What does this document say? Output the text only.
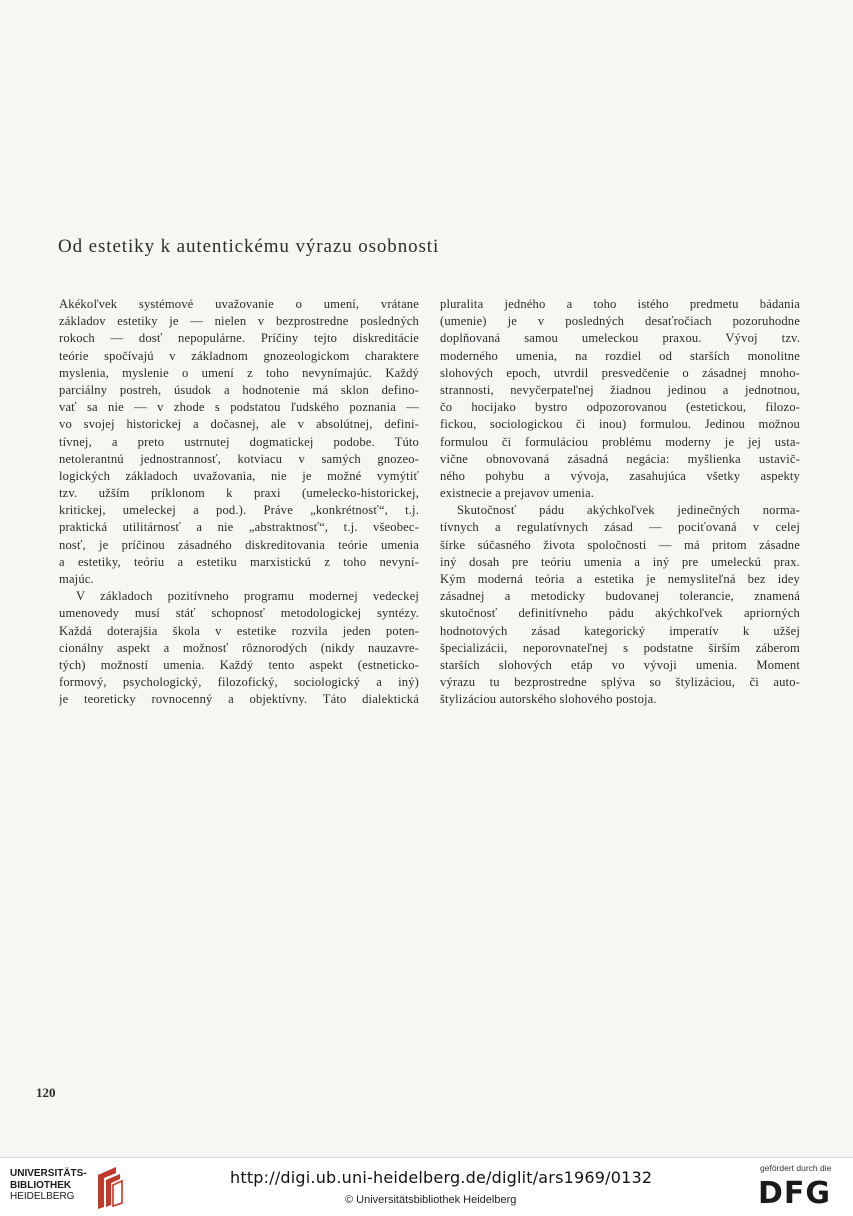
Od estetiky k autentickému výrazu osobnosti
Akékoľvek systémové uvažovanie o umení, vrátane
základov estetiky je — nielen v bezprostredne posledných
rokoch — dosť nepopulárne. Príčiny tejto diskreditácie
teórie spočívajú v základnom gnozeologickom charaktere
myslenia, myslenie o umení z toho nevynímajúc. Každý
parciálny postreh, úsudok a hodnotenie má sklon defino-
vať sa nie — v zhode s podstatou ľudského poznania —
vo svojej historickej a dočasnej, ale v absolútnej, defini-
tívnej, a preto ustrnutej dogmatickej podobe. Túto
netolerantnú jednostrannosť, kotviacu v samých gnozeo-
logických základoch uvažovania, nie je možné vymýtiť
tzv. užším príklonom k praxi (umelecko-historickej,
kritickej, umeleckej a pod.). Práve „konkrétnosť“, t.j.
praktická utilitárnosť a nie „abstraktnosť“, t.j. všeobec-
nosť, je príčinou zásadného diskreditovania teórie umenia
a estetiky, teóriu a estetiku marxistickú z toho nevyní-
majúc.
V základoch pozitívneho programu modernej vedeckej
umenovedy musí stáť schopnosť metodologickej syntézy.
Každá doterajšia škola v estetike rozvila jeden poten-
cionálny aspekt a možnosť rôznorodých (nikdy nauzavre-
tých) možností umenia. Každý tento aspekt (estneticko-
formový, psychologický, filozofický, sociologický a iný)
je teoreticky rovnocenný a objektívny. Táto dialektická
pluralita jedného a toho istého predmetu bádania
(umenie) je v posledných desaťročiach pozoruhodne
doplňovaná samou umeleckou praxou. Vývoj tzv.
moderného umenia, na rozdiel od starších monolitne
slohových epoch, utvrdil presvedčenie o zásadnej mnoho-
strannosti, nevyčerpateľnej žiadnou jedinou a jednotnou,
čo hocijako bystro odpozorovanou (estetickou, filozo-
fickou, sociologickou či inou) formulou. Jedinou možnou
formulou či formuláciou problému moderny je jej usta-
vične obnovovaná zásadná negácia: myšlienka ustavič-
ného pohybu a vývoja, zasahujúca všetky aspekty
existnecie a prejavov umenia.
Skutočnosť pádu akýchkoľvek jedinečných norma-
tívnych a regulatívnych zásad — pociťovaná v celej
šírke súčasného života spoločnosti — má pritom zásadne
iný dosah pre teóriu umenia a iný pre umeleckú prax.
Kým moderná teória a estetika je nemysliteľná bez idey
zásadnej a metodicky budovanej tolerancie, znamená
skutočnosť definitívneho pádu akýchkoľvek apriorných
hodnotových zásad kategorický imperatív k užšej
špecializácii, neporovnateľnej s podstatne širším záberom
starších slohových etáp vo vývoji umenia. Moment
výrazu tu bezprostredne splýva so štylizáciou, či auto-
štylizáciou autorského slohového postoja.
120
UNIVERSITÄTS-
BIBLIOTHEK
HEIDELBERG
http://digi.ub.uni-heidelberg.de/diglit/ars1969/0132
© Universitätsbibliothek Heidelberg
gefördert durch die
DFG
